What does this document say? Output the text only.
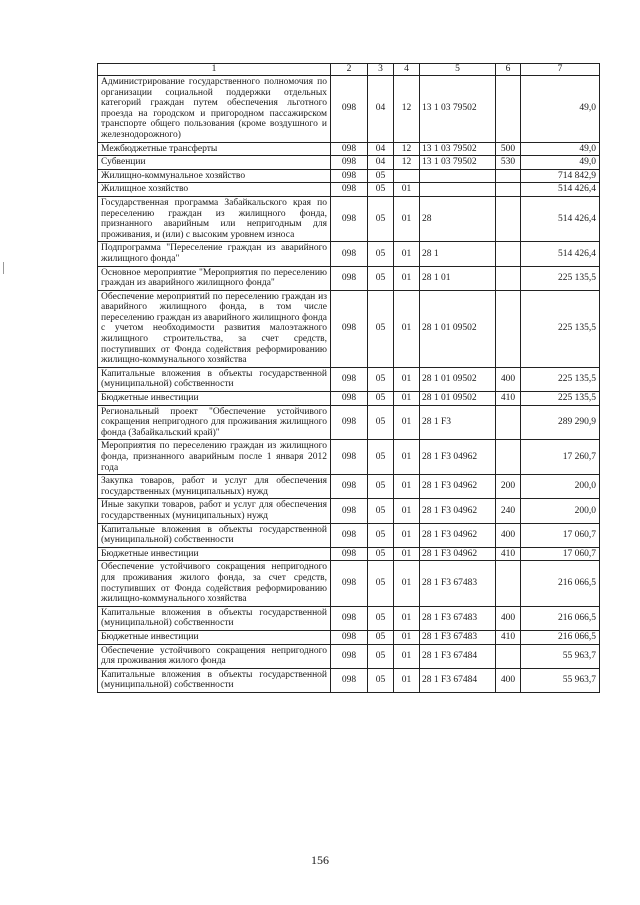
1	2	3	4	5	6	7
Администрирование государственного полномочия по организации социальной поддержки отдельных категорий граждан путем обеспечения льготного проезда на городском и пригородном пассажирском транспорте общего пользования (кроме воздушного и железнодорожного)	098	04	12	13 1 03 79502		49,0
Межбюджетные трансферты	098	04	12	13 1 03 79502	500	49,0
Субвенции	098	04	12	13 1 03 79502	530	49,0
Жилищно-коммунальное хозяйство	098	05				714 842,9
Жилищное хозяйство	098	05	01			514 426,4
Государственная программа Забайкальского края по переселению граждан из жилищного фонда, признанного аварийным или непригодным для проживания, и (или) с высоким уровнем износа	098	05	01	28		514 426,4
Подпрограмма "Переселение граждан из аварийного жилищного фонда"	098	05	01	28 1		514 426,4
Основное мероприятие "Мероприятия по переселению граждан из аварийного жилищного фонда"	098	05	01	28 1 01		225 135,5
Обеспечение мероприятий по переселению граждан из аварийного жилищного фонда, в том числе переселению граждан из аварийного жилищного фонда с учетом необходимости развития малоэтажного жилищного строительства, за счет средств, поступивших от Фонда содействия реформированию жилищно-коммунального хозяйства	098	05	01	28 1 01 09502		225 135,5
Капитальные вложения в объекты государственной (муниципальной) собственности	098	05	01	28 1 01 09502	400	225 135,5
Бюджетные инвестиции	098	05	01	28 1 01 09502	410	225 135,5
Региональный проект "Обеспечение устойчивого сокращения непригодного для проживания жилищного фонда (Забайкальский край)"	098	05	01	28 1 F3		289 290,9
Мероприятия по переселению граждан из жилищного фонда, признанного аварийным после 1 января 2012 года	098	05	01	28 1 F3 04962		17 260,7
Закупка товаров, работ и услуг для обеспечения государственных (муниципальных) нужд	098	05	01	28 1 F3 04962	200	200,0
Иные закупки товаров, работ и услуг для обеспечения государственных (муниципальных) нужд	098	05	01	28 1 F3 04962	240	200,0
Капитальные вложения в объекты государственной (муниципальной) собственности	098	05	01	28 1 F3 04962	400	17 060,7
Бюджетные инвестиции	098	05	01	28 1 F3 04962	410	17 060,7
Обеспечение устойчивого сокращения непригодного для проживания жилого фонда, за счет средств, поступивших от Фонда содействия реформированию жилищно-коммунального хозяйства	098	05	01	28 1 F3 67483		216 066,5
Капитальные вложения в объекты государственной (муниципальной) собственности	098	05	01	28 1 F3 67483	400	216 066,5
Бюджетные инвестиции	098	05	01	28 1 F3 67483	410	216 066,5
Обеспечение устойчивого сокращения непригодного для проживания жилого фонда	098	05	01	28 1 F3 67484		55 963,7
Капитальные вложения в объекты государственной (муниципальной) собственности	098	05	01	28 1 F3 67484	400	55 963,7
156
